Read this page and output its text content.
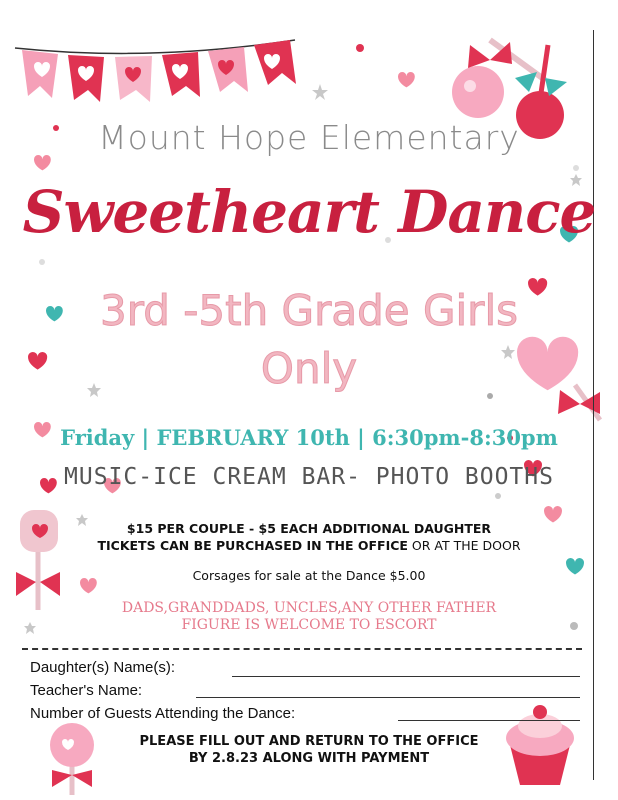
Mount Hope Elementary

Sweetheart Dance

3rd -5th Grade Girls
Only

Friday | FEBRUARY 10th | 6:30pm-8:30pm

MUSIC-ICE CREAM BAR- PHOTO BOOTHS

$15 PER COUPLE - $5 EACH ADDITIONAL DAUGHTER
TICKETS CAN BE PURCHASED IN THE OFFICE OR AT THE DOOR

Corsages for sale at the Dance $5.00

DADS,GRANDDADS, UNCLES,ANY OTHER FATHER
FIGURE IS WELCOME TO ESCORT
Daughter(s) Name(s):
Teacher's Name:
Number of Guests Attending the Dance:
PLEASE FILL OUT AND RETURN TO THE OFFICE
BY 2.8.23 ALONG WITH PAYMENT
